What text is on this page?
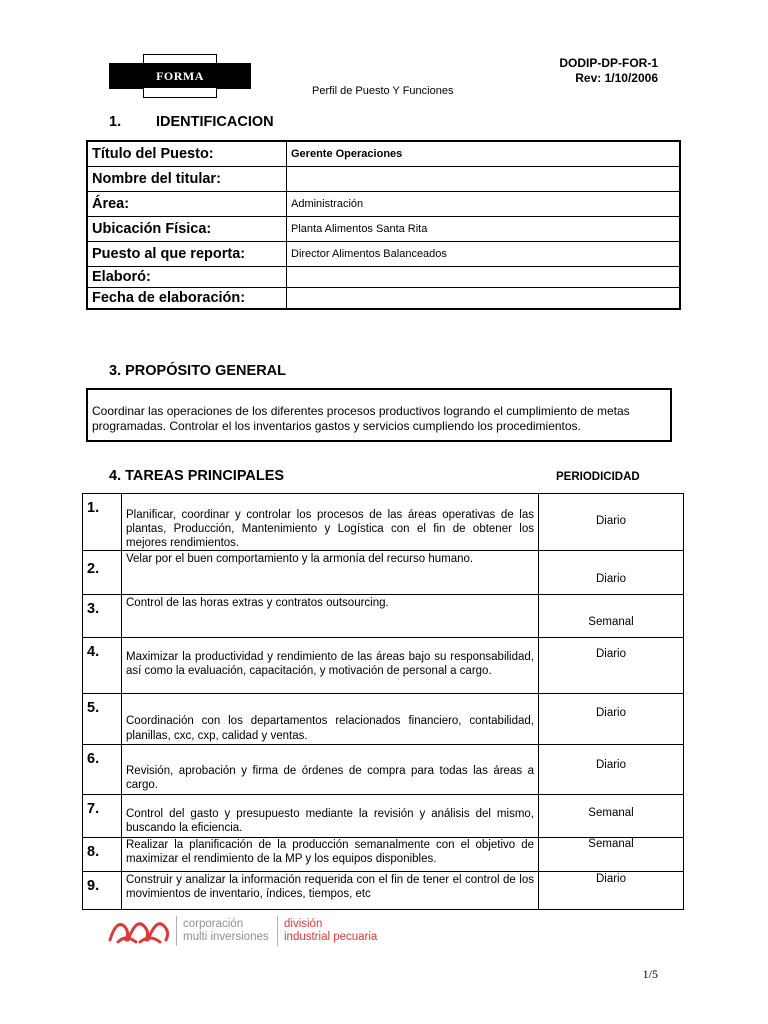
FORMA
DODIP-DP-FOR-1
Rev: 1/10/2006
Perfil de Puesto Y Funciones
1.	IDENTIFICACION
Título del Puesto:	Gerente Operaciones
Nombre del titular:	
Área:	Administración
Ubicación Física:	Planta Alimentos Santa Rita
Puesto al que reporta:	Director Alimentos Balanceados
Elaboró:	
Fecha de elaboración:	
3. PROPÓSITO GENERAL
Coordinar las operaciones de los diferentes procesos productivos logrando el cumplimiento de metas
programadas. Controlar el los inventarios gastos y servicios cumpliendo los procedimientos.
4. TAREAS PRINCIPALES	PERIODICIDAD
1.	Planificar, coordinar y controlar los procesos de las áreas operativas de las plantas, Producción, Mantenimiento y Logística con el fin de obtener los mejores rendimientos.	Diario
2.	Velar por el buen comportamiento y la armonía del recurso humano.	Diario
3.	Control de las horas extras y contratos outsourcing.	Semanal
4.	Maximizar la productividad y rendimiento de las áreas bajo su responsabilidad, así como la evaluación, capacitación, y motivación de personal a cargo.	Diario
5.	Coordinación con los departamentos relacionados financiero, contabilidad, planillas, cxc, cxp, calidad y ventas.	Diario
6.	Revisión, aprobación y firma de órdenes de compra para todas las áreas a cargo.	Diario
7.	Control del gasto y presupuesto mediante la revisión y análisis del mismo, buscando la eficiencia.	Semanal
8.	Realizar la planificación de la producción semanalmente con el objetivo de maximizar el rendimiento de la MP y los equipos disponibles.	Semanal
9.	Construir y analizar la información requerida con el fin de tener el control de los movimientos de inventario, índices, tiempos, etc	Diario
corporación
multi inversiones
división
industrial pecuaria
1/5
